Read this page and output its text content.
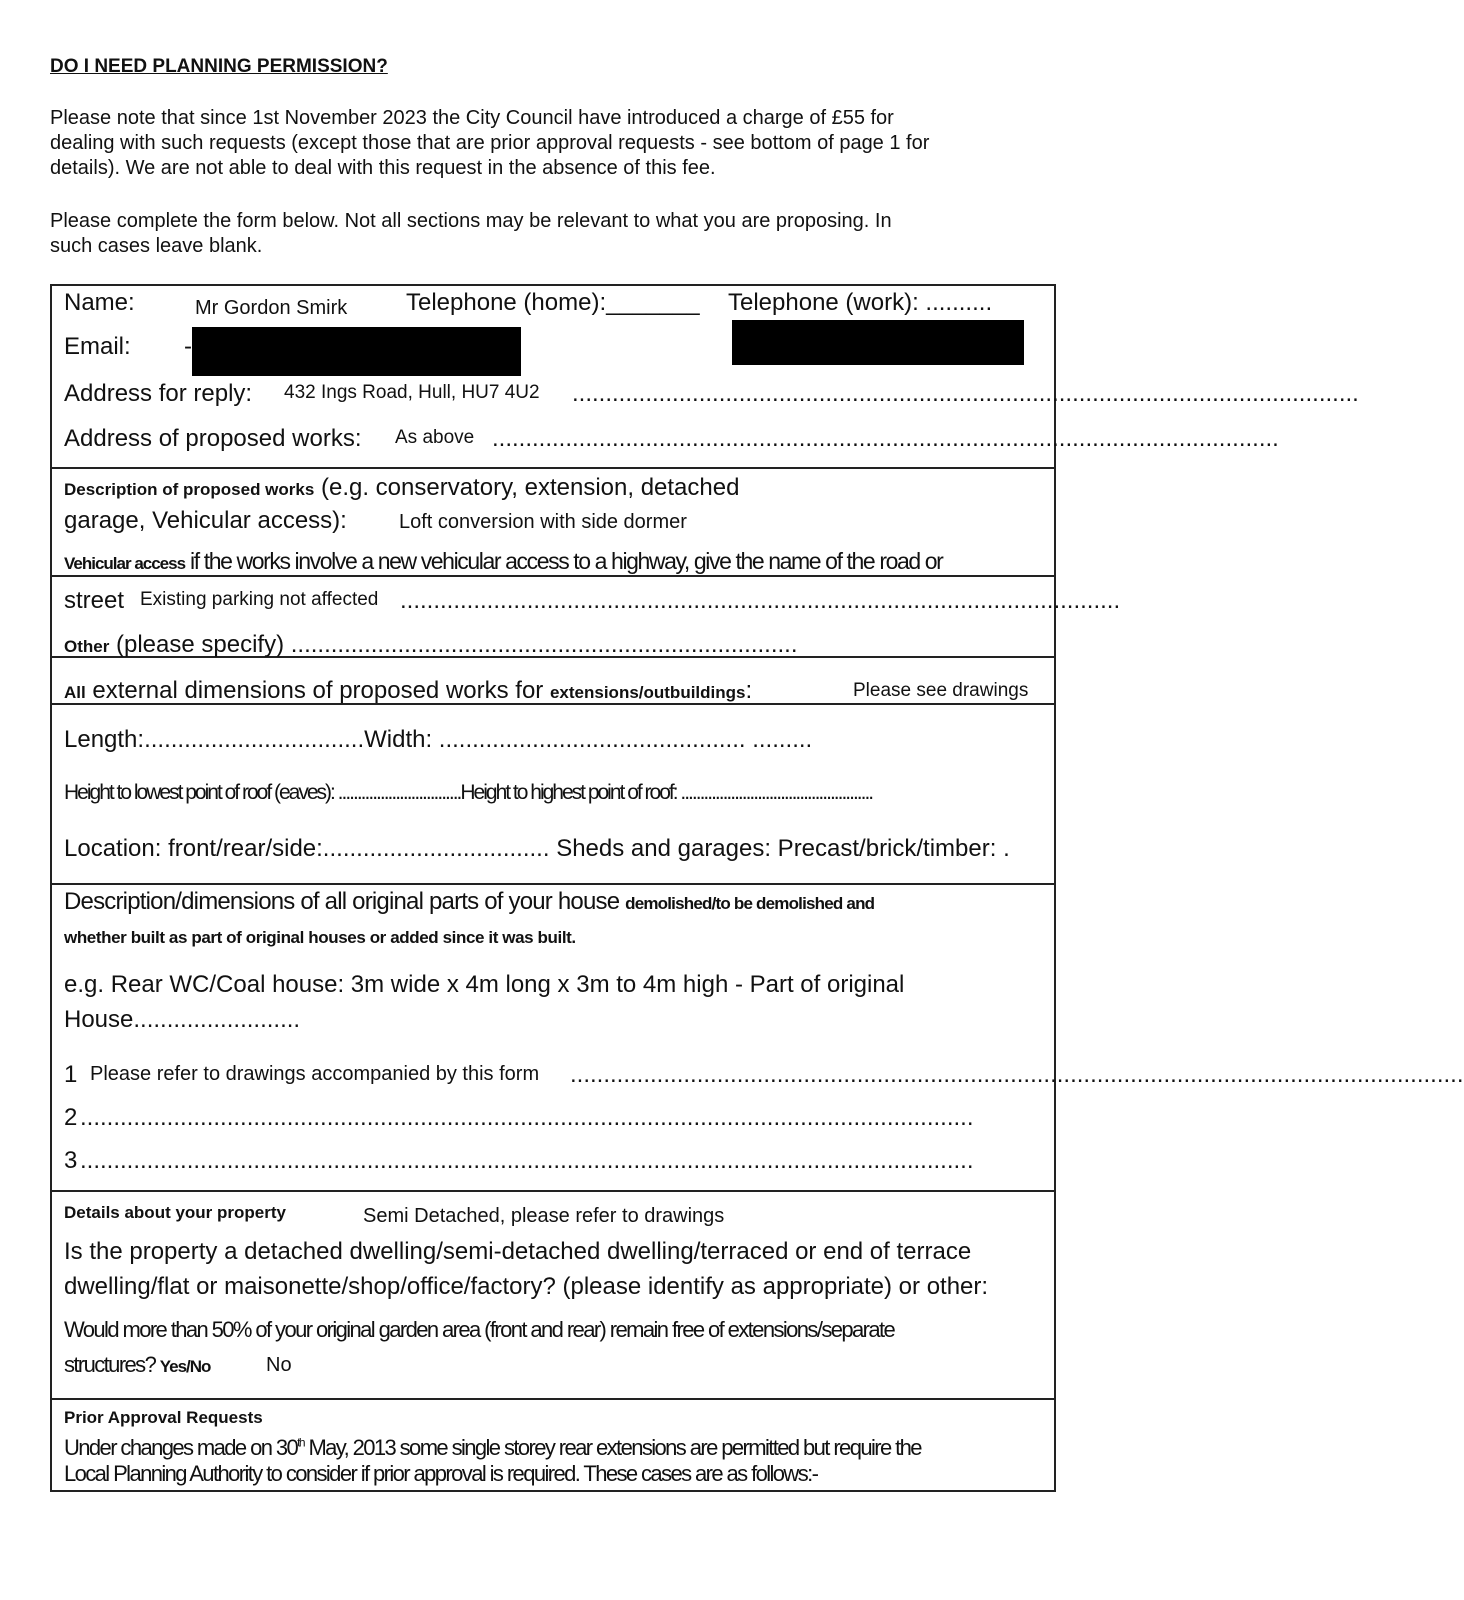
DO I NEED PLANNING PERMISSION?
Please note that since 1st November 2023 the City Council have introduced a charge of £55 for
dealing with such requests (except those that are prior approval requests - see bottom of page 1 for
details). We are not able to deal with this request in the absence of this fee.
Please complete the form below. Not all sections may be relevant to what you are proposing. In
such cases leave blank.
Name:	Mr Gordon Smirk Telephone (home):_______ Telephone (work): ..........
Email: -
Address for reply: 432 Ings Road, Hull, HU7 4U2 ......................................................................................................................
Address of proposed works: As above ......................................................................................................................
Description of proposed works (e.g. conservatory, extension, detached
garage, Vehicular access):	Loft conversion with side dormer
Vehicular access if the works involve a new vehicular access to a highway, give the name of the road or
street Existing parking not affected ............................................................................................................
Other (please specify) ............................................................................
All external dimensions of proposed works for extensions/outbuildings:	Please see drawings
Length:.................................Width: .............................................. .........
Height to lowest point of roof (eaves): ................................Height to highest point of roof: ..................................................
Location: front/rear/side:.................................. Sheds and garages: Precast/brick/timber: .
Description/dimensions of all original parts of your house demolished/to be demolished and
whether built as part of original houses or added since it was built.
e.g. Rear WC/Coal house: 3m wide x 4m long x 3m to 4m high - Part of original
House.........................
1 Please refer to drawings accompanied by this form ......................................................................................................................................
2 ......................................................................................................................................
3 ......................................................................................................................................
Details about your property	Semi Detached, please refer to drawings
Is the property a detached dwelling/semi-detached dwelling/terraced or end of terrace
dwelling/flat or maisonette/shop/office/factory? (please identify as appropriate) or other:
Would more than 50% of your original garden area (front and rear) remain free of extensions/separate
structures? Yes/No	No
Prior Approval Requests
Under changes made on 30th May, 2013 some single storey rear extensions are permitted but require the
Local Planning Authority to consider if prior approval is required. These cases are as follows:-
